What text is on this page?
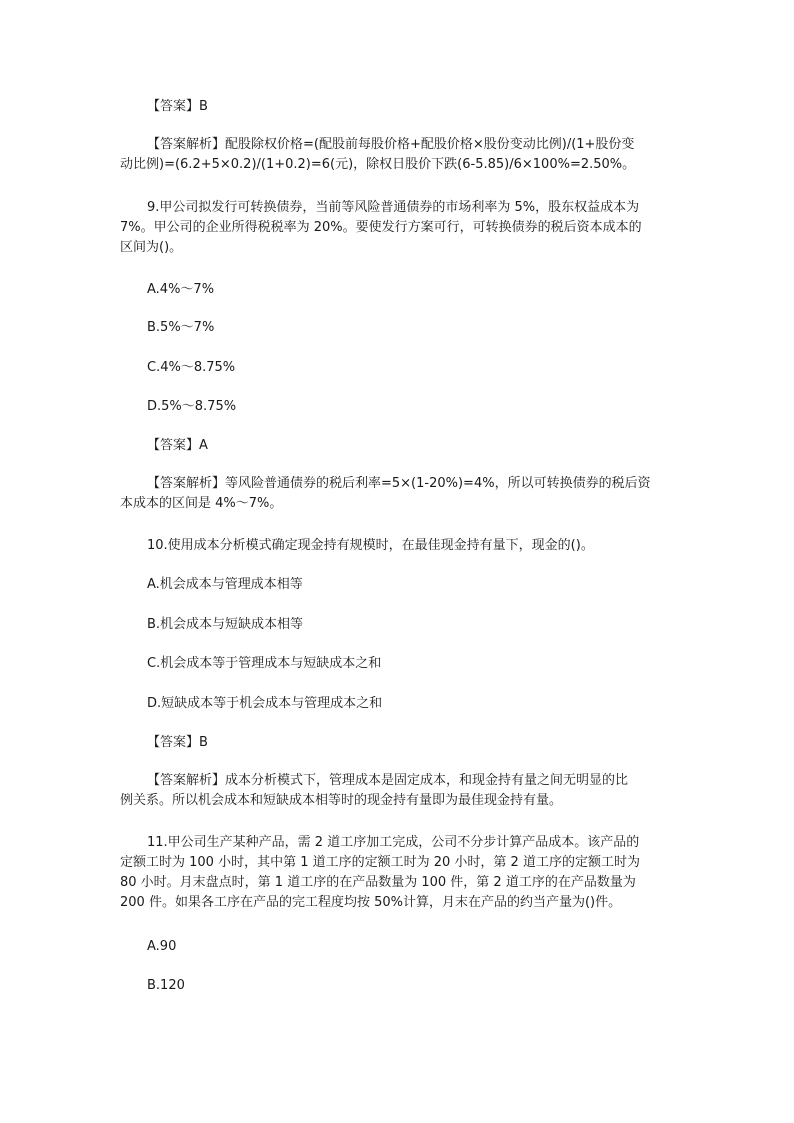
【答案】B

【答案解析】配股除权价格=(配股前每股价格+配股价格×股份变动比例)/(1+股份变
动比例)=(6.2+5×0.2)/(1+0.2)=6(元)，除权日股价下跌(6-5.85)/6×100%=2.50%。

9.甲公司拟发行可转换债券，当前等风险普通债券的市场利率为 5%，股东权益成本为
7%。甲公司的企业所得税税率为 20%。要使发行方案可行，可转换债券的税后资本成本的
区间为()。

A.4%～7%

B.5%～7%

C.4%～8.75%

D.5%～8.75%

【答案】A

【答案解析】等风险普通债券的税后利率=5×(1-20%)=4%，所以可转换债券的税后资
本成本的区间是 4%～7%。

10.使用成本分析模式确定现金持有规模时，在最佳现金持有量下，现金的()。

A.机会成本与管理成本相等

B.机会成本与短缺成本相等

C.机会成本等于管理成本与短缺成本之和

D.短缺成本等于机会成本与管理成本之和

【答案】B

【答案解析】成本分析模式下，管理成本是固定成本，和现金持有量之间无明显的比
例关系。所以机会成本和短缺成本相等时的现金持有量即为最佳现金持有量。

11.甲公司生产某种产品，需 2 道工序加工完成，公司不分步计算产品成本。该产品的
定额工时为 100 小时，其中第 1 道工序的定额工时为 20 小时，第 2 道工序的定额工时为
80 小时。月末盘点时，第 1 道工序的在产品数量为 100 件，第 2 道工序的在产品数量为
200 件。如果各工序在产品的完工程度均按 50%计算，月末在产品的约当产量为()件。

A.90

B.120
